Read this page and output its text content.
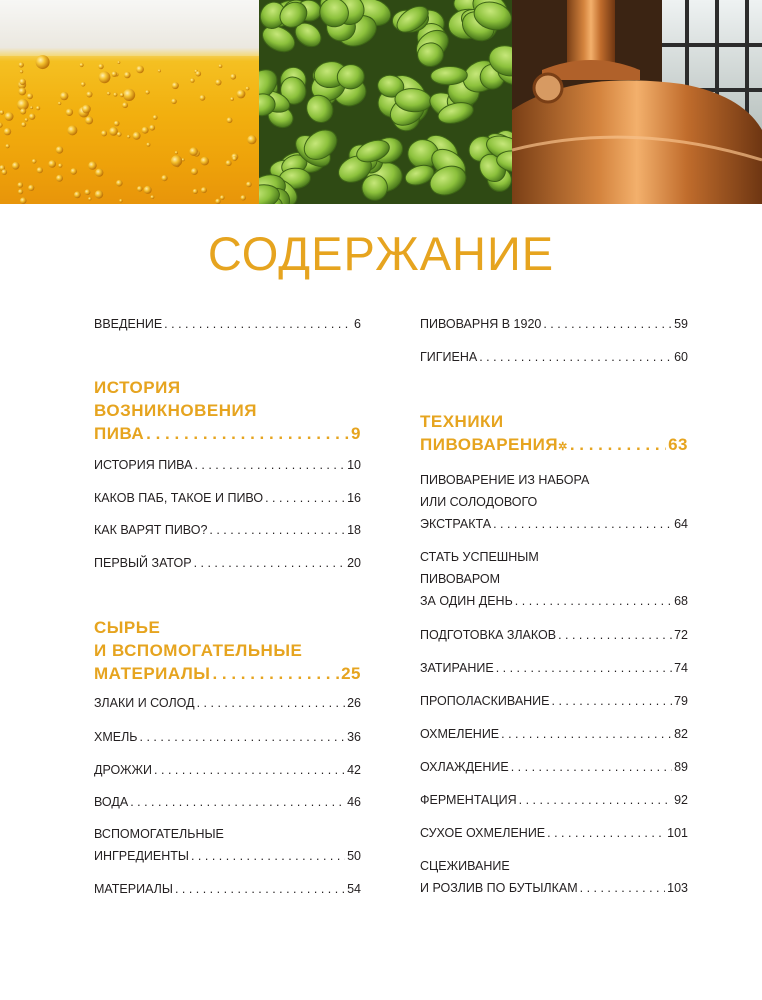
СОДЕРЖАНИЕ
ВВЕДЕНИЕ . . .	6
ИСТОРИЯ
ВОЗНИКНОВЕНИЯ
ПИВА . . .	9
ИСТОРИЯ ПИВА . . .	10
КАКОВ ПАБ, ТАКОЕ И ПИВО . . .	16
КАК ВАРЯТ ПИВО? . . .	18
ПЕРВЫЙ ЗАТОР . . .	20
СЫРЬЕ
И ВСПОМОГАТЕЛЬНЫЕ
МАТЕРИАЛЫ . . .	25
ЗЛАКИ И СОЛОД . . .	26
ХМЕЛЬ . . .	36
ДРОЖЖИ . . .	42
ВОДА . . .	46
ВСПОМОГАТЕЛЬНЫЕ
ИНГРЕДИЕНТЫ . . .	50
МАТЕРИАЛЫ . . .	54
ПИВОВАРНЯ В 1920 . . .	59
ГИГИЕНА . . .	60
ТЕХНИКИ
ПИВОВАРЕНИЯ ✲ . . .	63
ПИВОВАРЕНИЕ ИЗ НАБОРА
ИЛИ СОЛОДОВОГО
ЭКСТРАКТА . . .	64
СТАТЬ УСПЕШНЫМ
ПИВОВАРОМ
ЗА ОДИН ДЕНЬ . . .	68
ПОДГОТОВКА ЗЛАКОВ . . .	72
ЗАТИРАНИЕ . . .	74
ПРОПОЛАСКИВАНИЕ . . .	79
ОХМЕЛЕНИЕ . . .	82
ОХЛАЖДЕНИЕ . . .	89
ФЕРМЕНТАЦИЯ . . .	92
СУХОЕ ОХМЕЛЕНИЕ . . .	101
СЦЕЖИВАНИЕ
И РОЗЛИВ ПО БУТЫЛКАМ . . .	103
